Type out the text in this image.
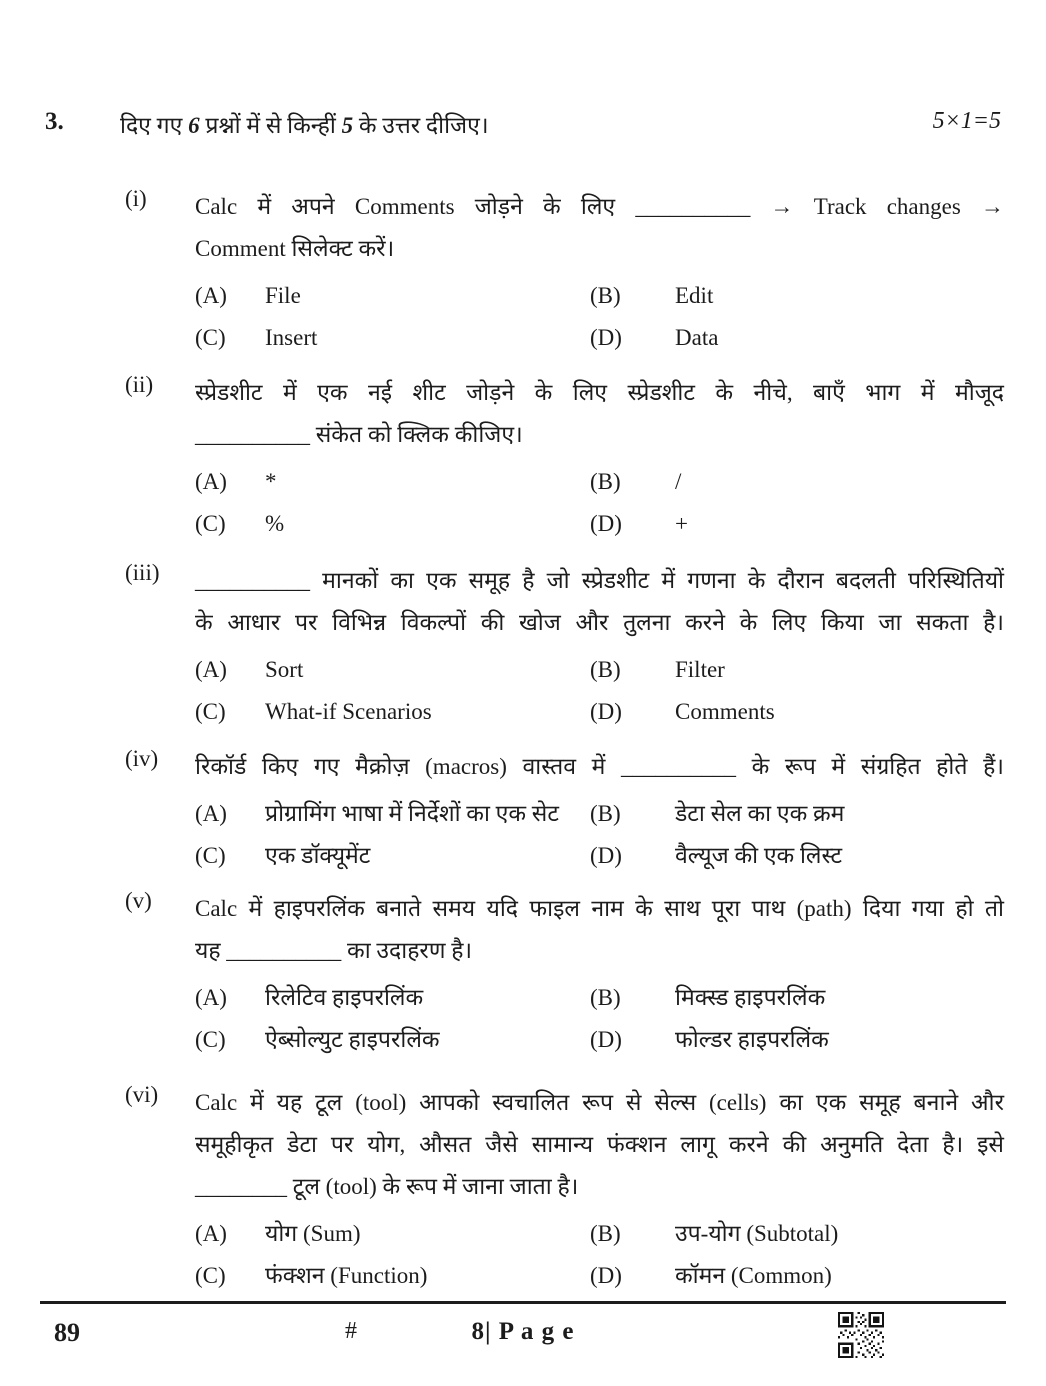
3.	दिए गए 6 प्रश्नों में से किन्हीं 5 के उत्तर दीजिए।	5×1=5
(i)	Calc में अपने Comments जोड़ने के लिए __________ → Track changes →

Comment सिलेक्ट करें।

(A)	File	(B)	Edit
(C)	Insert	(D)	Data
(ii)	स्प्रेडशीट में एक नई शीट जोड़ने के लिए स्प्रेडशीट के नीचे, बाएँ भाग में मौजूद

__________ संकेत को क्लिक कीजिए।

(A)	*	(B)	/
(C)	%	(D)	+
(iii)	__________ मानकों का एक समूह है जो स्प्रेडशीट में गणना के दौरान बदलती परिस्थितियों

के आधार पर विभिन्न विकल्पों की खोज और तुलना करने के लिए किया जा सकता है।

(A)	Sort	(B)	Filter
(C)	What-if Scenarios	(D)	Comments
(iv)	रिकॉर्ड किए गए मैक्रोज़ (macros) वास्तव में __________ के रूप में संग्रहित होते हैं।

(A)	प्रोग्रामिंग भाषा में निर्देशों का एक सेट	(B)	डेटा सेल का एक क्रम
(C)	एक डॉक्यूमेंट	(D)	वैल्यूज की एक लिस्ट
(v)	Calc में हाइपरलिंक बनाते समय यदि फाइल नाम के साथ पूरा पाथ (path) दिया गया हो तो

यह __________ का उदाहरण है।

(A)	रिलेटिव हाइपरलिंक	(B)	मिक्स्ड हाइपरलिंक
(C)	ऐब्सोल्युट हाइपरलिंक	(D)	फोल्डर हाइपरलिंक
(vi)	Calc में यह टूल (tool) आपको स्वचालित रूप से सेल्स (cells) का एक समूह बनाने और

समूहीकृत डेटा पर योग, औसत जैसे सामान्य फंक्शन लागू करने की अनुमति देता है। इसे

________ टूल (tool) के रूप में जाना जाता है।

(A)	योग (Sum)	(B)	उप-योग (Subtotal)
(C)	फंक्शन (Function)	(D)	कॉमन (Common)
89	#	8| P a g e
